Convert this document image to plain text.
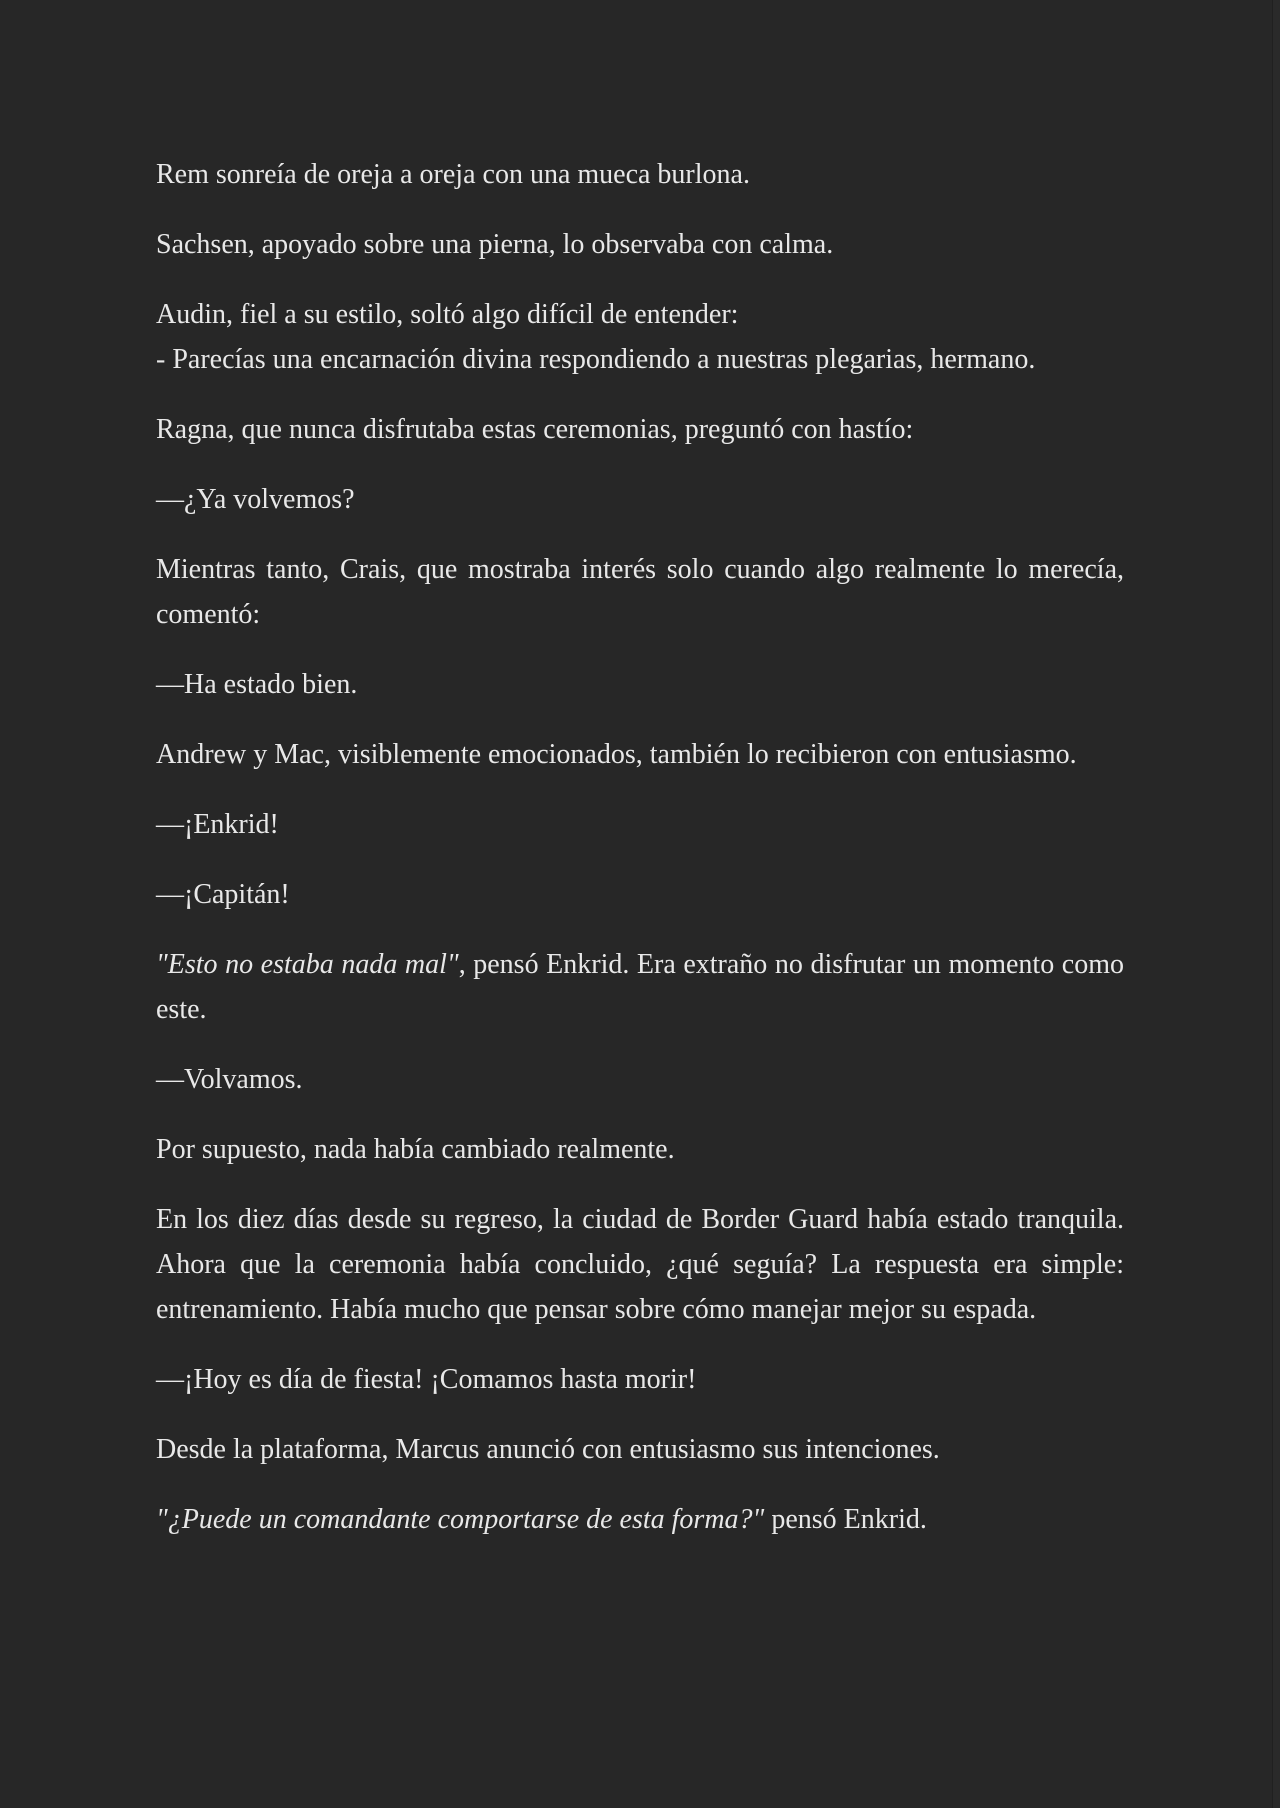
Rem sonreía de oreja a oreja con una mueca burlona.

Sachsen, apoyado sobre una pierna, lo observaba con calma.

Audin, fiel a su estilo, soltó algo difícil de entender:
- Parecías una encarnación divina respondiendo a nuestras plegarias, hermano.

Ragna, que nunca disfrutaba estas ceremonias, preguntó con hastío:

—¿Ya volvemos?

Mientras tanto, Crais, que mostraba interés solo cuando algo realmente lo merecía, comentó:

—Ha estado bien.

Andrew y Mac, visiblemente emocionados, también lo recibieron con entusiasmo.

—¡Enkrid!

—¡Capitán!

"Esto no estaba nada mal", pensó Enkrid. Era extraño no disfrutar un momento como este.

—Volvamos.

Por supuesto, nada había cambiado realmente.

En los diez días desde su regreso, la ciudad de Border Guard había estado tranquila. Ahora que la ceremonia había concluido, ¿qué seguía? La respuesta era simple: entrenamiento. Había mucho que pensar sobre cómo manejar mejor su espada.

—¡Hoy es día de fiesta! ¡Comamos hasta morir!

Desde la plataforma, Marcus anunció con entusiasmo sus intenciones.

"¿Puede un comandante comportarse de esta forma?" pensó Enkrid.
